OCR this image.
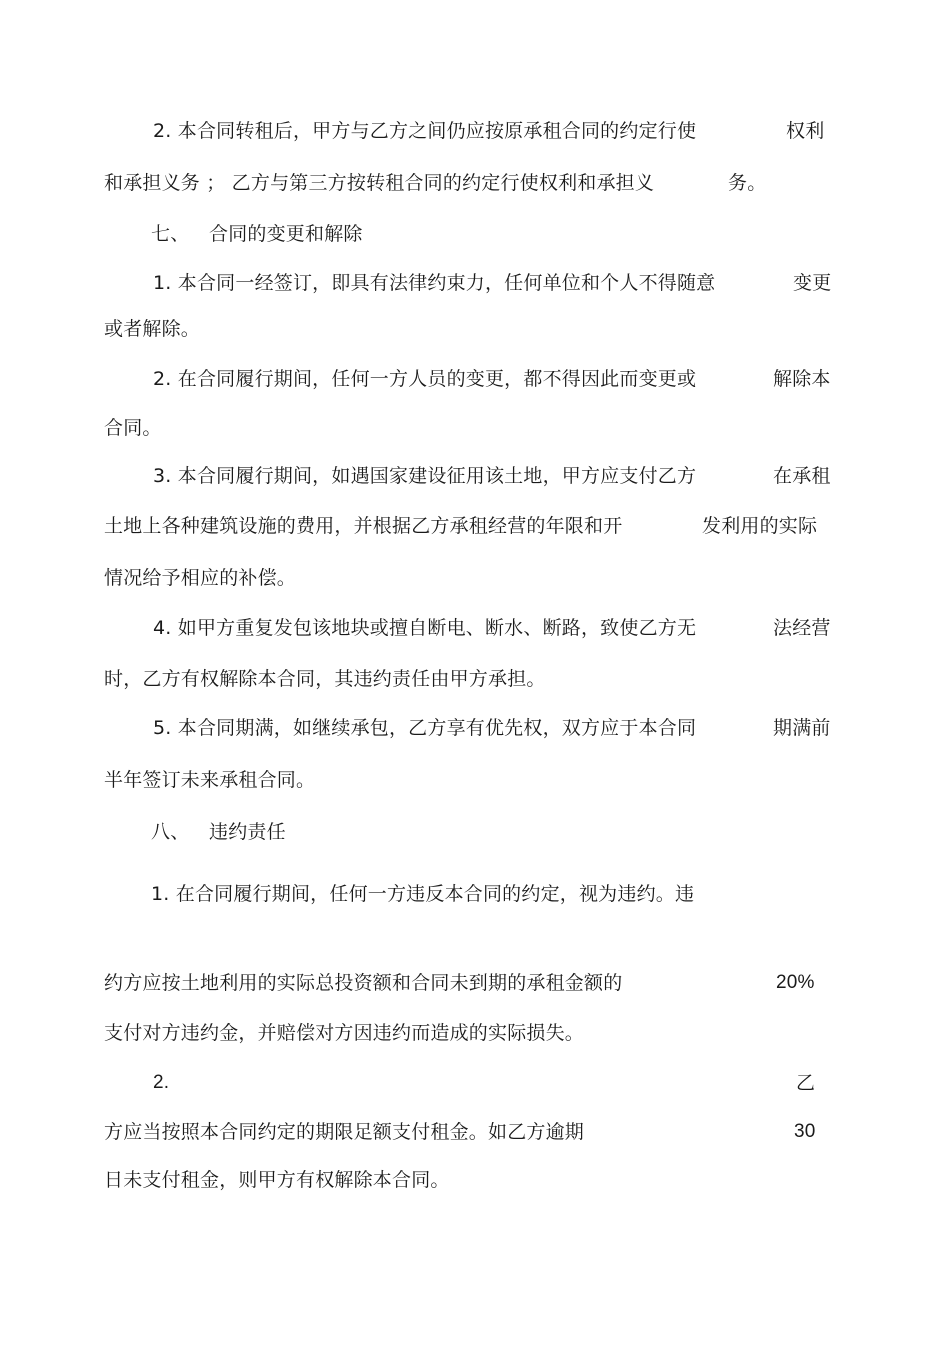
2. 本合同转租后，甲方与乙方之间仍应按原承租合同的约定行使	权利
和承担义务 ； 乙方与第三方按转租合同的约定行使权利和承担义	务。
七、 合同的变更和解除
1. 本合同一经签订，即具有法律约束力，任何单位和个人不得随意	变更
或者解除。
2. 在合同履行期间，任何一方人员的变更，都不得因此而变更或	解除本
合同。
3. 本合同履行期间，如遇国家建设征用该土地，甲方应支付乙方	在承租
土地上各种建筑设施的费用，并根据乙方承租经营的年限和开	发利用的实际
情况给予相应的补偿。
4. 如甲方重复发包该地块或擅自断电、断水、断路，致使乙方无	法经营
时，乙方有权解除本合同，其违约责任由甲方承担。
5. 本合同期满，如继续承包，乙方享有优先权，双方应于本合同	期满前
半年签订未来承租合同。
八、 违约责任
1. 在合同履行期间，任何一方违反本合同的约定，视为违约。违
约方应按土地利用的实际总投资额和合同未到期的承租金额的	20%
支付对方违约金，并赔偿对方因违约而造成的实际损失。
2.	乙
方应当按照本合同约定的期限足额支付租金。如乙方逾期	30
日未支付租金，则甲方有权解除本合同。
